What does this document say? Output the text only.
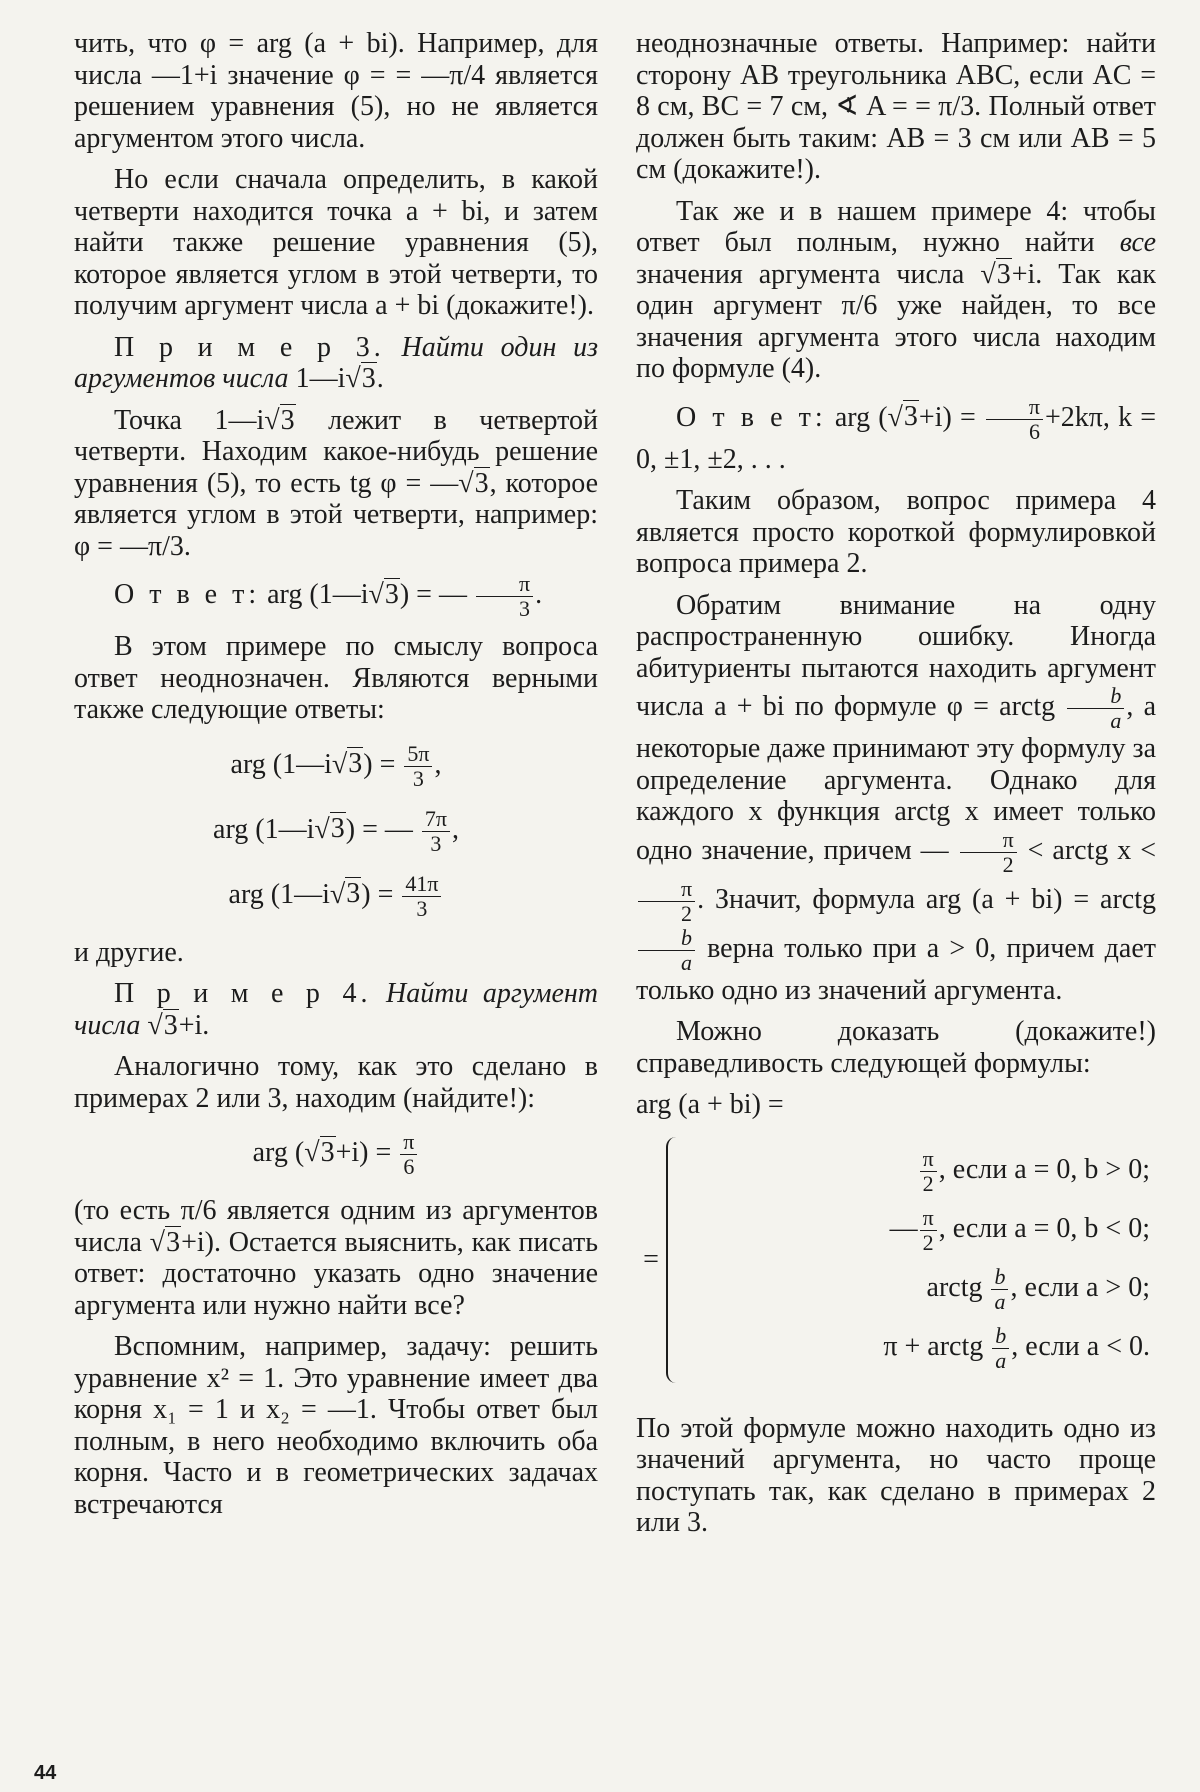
чить, что φ = arg (a + bi). Например, для числа —1+i значение φ = = —π/4 является решением уравнения (5), но не является аргументом этого числа.

Но если сначала определить, в какой четверти находится точка a + bi, и затем найти также решение уравнения (5), которое является углом в этой четверти, то получим аргумент числа a + bi (докажите!).

П р и м е р 3. Найти один из аргументов числа 1—i√3.

Точка 1—i√3 лежит в четвертой четверти. Находим какое-нибудь решение уравнения (5), то есть tg φ = —√3, которое является углом в этой четверти, например: φ = —π/3.

О т в е т: arg (1—i√3) = — $\frac{\pi}{3}$ .

В этом примере по смыслу вопроса ответ неоднозначен. Являются верными также следующие ответы:

arg (1—i√3) = $\frac{5\pi}{3}$ ,

arg (1—i√3) = — $\frac{7\pi}{3}$ ,

arg (1—i√3) = $\frac{41\pi}{3}$

и другие.

П р и м е р 4. Найти аргумент числа √3+i.

Аналогично тому, как это сделано в примерах 2 или 3, находим (найдите!):

arg $(√3+i) = \frac{\pi}{6}$

(то есть π/6 является одним из аргументов числа √3+i). Остается выяснить, как писать ответ: достаточно указать одно значение аргумента или нужно найти все?

Вспомним, например, задачу: решить уравнение x² = 1. Это уравнение имеет два корня x₁ = 1 и x₂ = —1. Чтобы ответ был полным, в него необходимо включить оба корня. Часто и в геометрических задачах встречаются

неоднозначные ответы. Например: найти сторону AB треугольника ABC, если AC = 8 см, BC = 7 см, ∢ A = = π/3. Полный ответ должен быть таким: AB = 3 см или AB = 5 см (докажите!).

Так же и в нашем примере 4: чтобы ответ был полным, нужно найти все значения аргумента числа √3+i. Так как один аргумент π/6 уже найден, то все значения аргумента этого числа находим по формуле (4).

О т в е т: arg $(√3+i) = \frac{\pi}{6} +2k\pi$, k = 0, ±1, ±2, . . .

Таким образом, вопрос примера 4 является просто короткой формулировкой вопроса примера 2.

Обратим внимание на одну распространенную ошибку. Иногда абитуриенты пытаются находить аргумент числа a + bi по формуле φ = arctg $\frac{b}{a}$ , а некоторые даже принимают эту формулу за определение аргумента. Однако для каждого x функция arctg x имеет только одно значение, причем — $\frac{\pi}{2}$ < arctg x <
$\frac{\pi}{2}$ . Значит, формула arg (a + bi) = arctg
$\frac{b}{a}$ верна только при a > 0, причем дает только одно из значений аргумента.

Можно доказать (докажите!) справедливость следующей формулы:

arg (a + bi) =

=
$\frac{\pi}{2}$ , если a = 0, b > 0;
— $\frac{\pi}{2}$ , если a = 0, b < 0;
arctg $\frac{b}{a}$ , если a > 0;
π + arctg $\frac{b}{a}$ , если a < 0.

По этой формуле можно находить одно из значений аргумента, но часто проще поступать так, как сделано в примерах 2 или 3.

44
